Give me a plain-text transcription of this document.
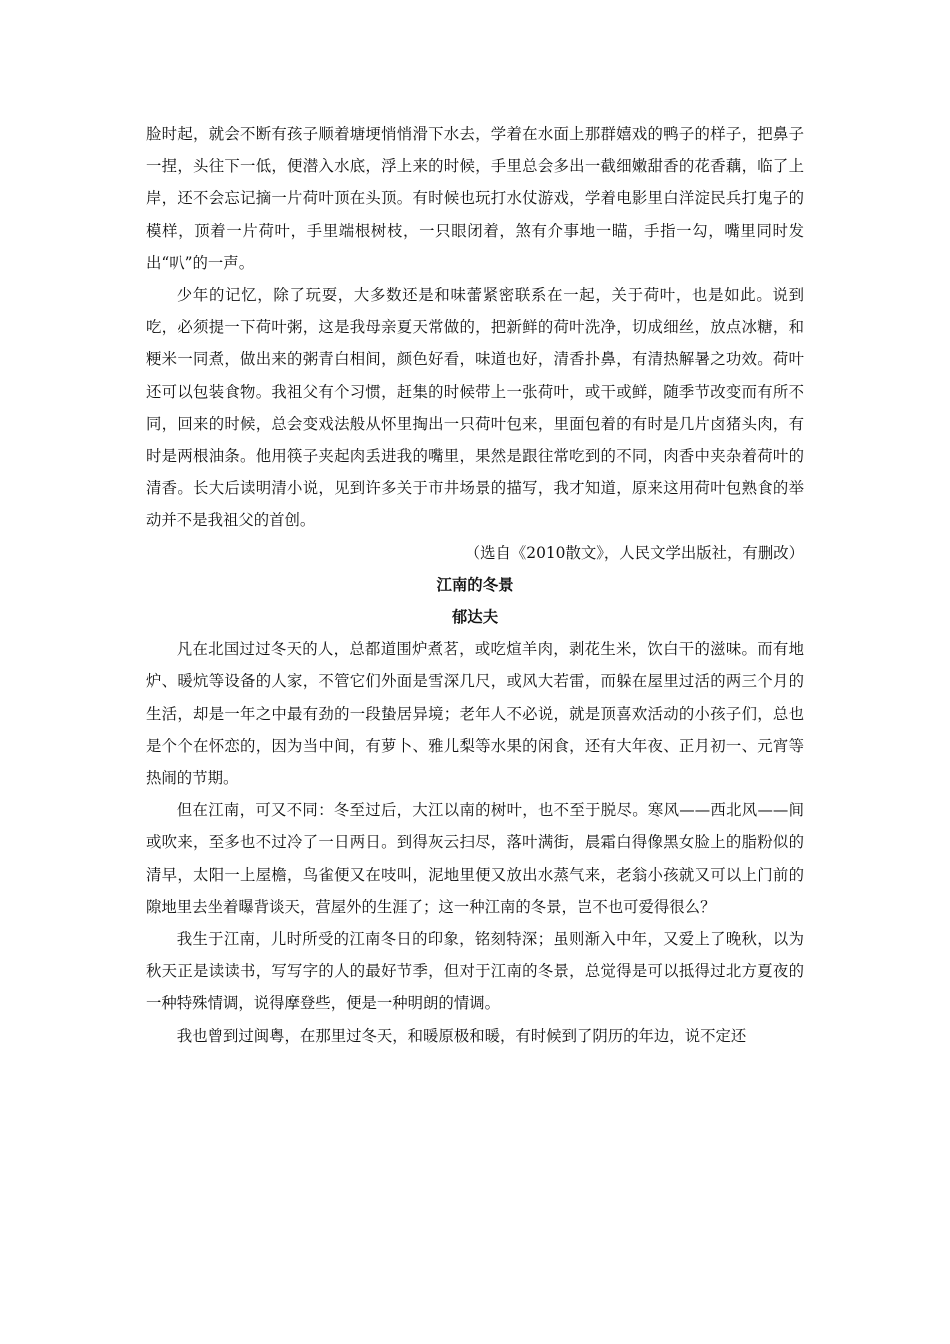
脸时起，就会不断有孩子顺着塘埂悄悄滑下水去，学着在水面上那群嬉戏的鸭子的样子，把鼻子一捏，头往下一低，便潜入水底，浮上来的时候，手里总会多出一截细嫩甜香的花香藕，临了上岸，还不会忘记摘一片荷叶顶在头顶。有时候也玩打水仗游戏，学着电影里白洋淀民兵打鬼子的模样，顶着一片荷叶，手里端根树枝，一只眼闭着，煞有介事地一瞄，手指一勾，嘴里同时发出“叭”的一声。

少年的记忆，除了玩耍，大多数还是和味蕾紧密联系在一起，关于荷叶，也是如此。说到吃，必须提一下荷叶粥，这是我母亲夏天常做的，把新鲜的荷叶洗净，切成细丝，放点冰糖，和粳米一同煮，做出来的粥青白相间，颜色好看，味道也好，清香扑鼻，有清热解暑之功效。荷叶还可以包装食物。我祖父有个习惯，赶集的时候带上一张荷叶，或干或鲜，随季节改变而有所不同，回来的时候，总会变戏法般从怀里掏出一只荷叶包来，里面包着的有时是几片卤猪头肉，有时是两根油条。他用筷子夹起肉丢进我的嘴里，果然是跟往常吃到的不同，肉香中夹杂着荷叶的清香。长大后读明清小说，见到许多关于市井场景的描写，我才知道，原来这用荷叶包熟食的举动并不是我祖父的首创。

（选自《2010散文》，人民文学出版社，有删改）

江南的冬景

郁达夫

凡在北国过过冬天的人，总都道围炉煮茗，或吃煊羊肉，剥花生米，饮白干的滋味。而有地炉、暖炕等设备的人家，不管它们外面是雪深几尺，或风大若雷，而躲在屋里过活的两三个月的生活，却是一年之中最有劲的一段蛰居异境；老年人不必说，就是顶喜欢活动的小孩子们，总也是个个在怀恋的，因为当中间，有萝卜、雅儿梨等水果的闲食，还有大年夜、正月初一、元宵等热闹的节期。

但在江南，可又不同：冬至过后，大江以南的树叶，也不至于脱尽。寒风——西北风——间或吹来，至多也不过冷了一日两日。到得灰云扫尽，落叶满街，晨霜白得像黑女脸上的脂粉似的清早，太阳一上屋檐，鸟雀便又在吱叫，泥地里便又放出水蒸气来，老翁小孩就又可以上门前的隙地里去坐着曝背谈天，营屋外的生涯了；这一种江南的冬景，岂不也可爱得很么？

我生于江南，儿时所受的江南冬日的印象，铭刻特深；虽则渐入中年，又爱上了晚秋，以为秋天正是读读书，写写字的人的最好节季，但对于江南的冬景，总觉得是可以抵得过北方夏夜的一种特殊情调，说得摩登些，便是一种明朗的情调。

我也曾到过闽粤，在那里过冬天，和暖原极和暖，有时候到了阴历的年边，说不定还
